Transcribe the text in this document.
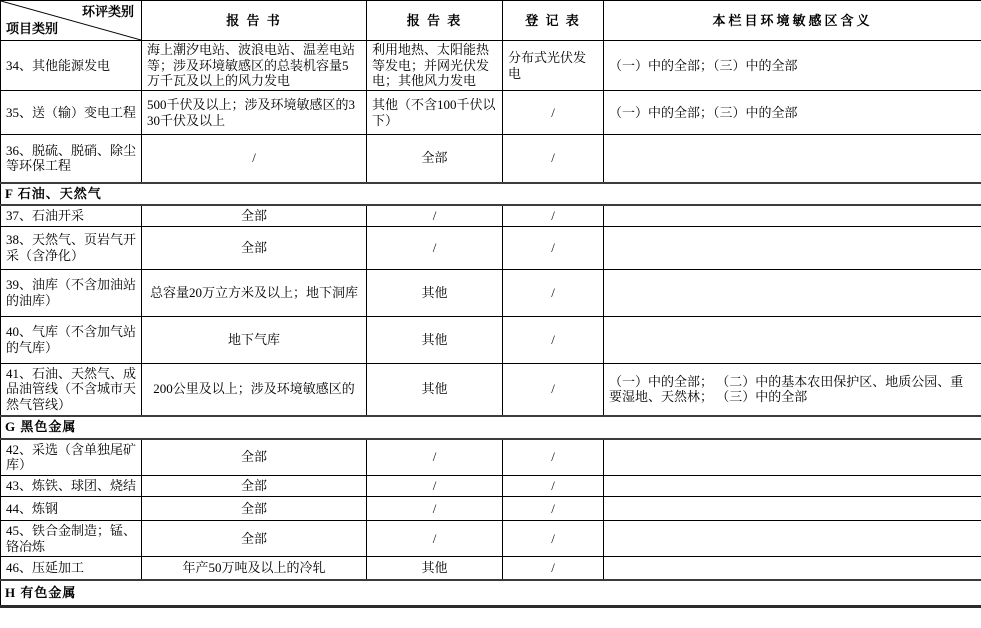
环评类别
项目类别	报 告 书	报 告 表	登 记 表	本栏目环境敏感区含义
34、其他能源发电	海上潮汐电站、波浪电站、温差电站等；涉及环境敏感区的总装机容量5万千瓦及以上的风力发电	利用地热、太阳能热等发电；并网光伏发电；其他风力发电	分布式光伏发电	（一）中的全部；（三）中的全部
35、送（输）变电工程	500千伏及以上；涉及环境敏感区的330千伏及以上	其他（不含100千伏以下）	/	（一）中的全部；（三）中的全部
36、脱硫、脱硝、除尘等环保工程	/	全部	/	
F 石油、天然气				
37、石油开采	全部	/	/	
38、天然气、页岩气开采（含净化）	全部	/	/	
39、油库（不含加油站的油库）	总容量20万立方米及以上；地下洞库	其他	/	
40、气库（不含加气站的气库）	地下气库	其他	/	
41、石油、天然气、成品油管线（不含城市天然气管线）	200公里及以上；涉及环境敏感区的	其他	/	（一）中的全部； （二）中的基本农田保护区、地质公园、重要湿地、天然林； （三）中的全部
G 黑色金属				
42、采选（含单独尾矿库）	全部	/	/	
43、炼铁、球团、烧结	全部	/	/	
44、炼钢	全部	/	/	
45、铁合金制造；锰、铬冶炼	全部	/	/	
46、压延加工	年产50万吨及以上的冷轧	其他	/	
H 有色金属				
